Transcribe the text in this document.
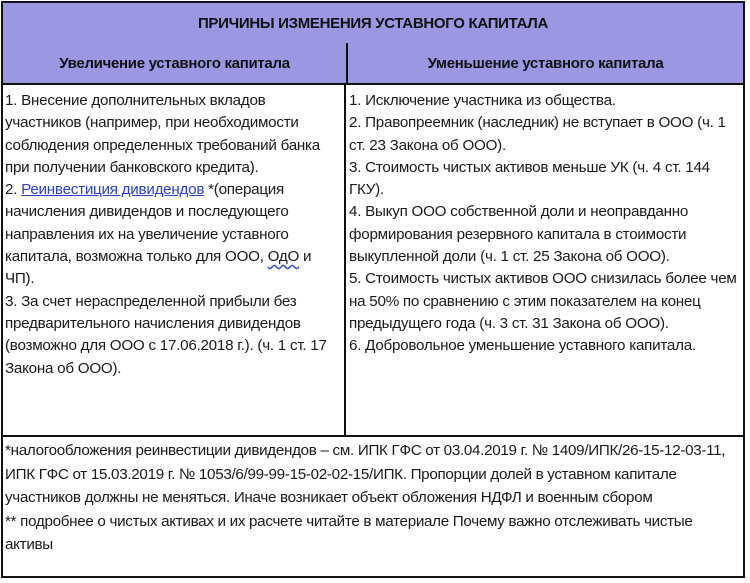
ПРИЧИНЫ ИЗМЕНЕНИЯ УСТАВНОГО КАПИТАЛА
Увеличение уставного капитала	Уменьшение уставного капитала
1. Внесение дополнительных вкладов участников (например, при необходимости соблюдения определенных требований банка при получении банковского кредита).
2. Реинвестиция дивидендов *(операция начисления дивидендов и последующего направления их на увеличение уставного капитала, возможна только для ООО, ОдО и ЧП).
3. За счет нераспределенной прибыли без предварительного начисления дивидендов (возможно для ООО с 17.06.2018 г.). (ч. 1 ст. 17 Закона об ООО).
1. Исключение участника из общества.
2. Правопреемник (наследник) не вступает в ООО (ч. 1 ст. 23 Закона об ООО).
3. Стоимость чистых активов меньше УК (ч. 4 ст. 144 ГКУ).
4. Выкуп ООО собственной доли и неоправданно формирования резервного капитала в стоимости выкупленной доли (ч. 1 ст. 25 Закона об ООО).
5. Стоимость чистых активов ООО снизилась более чем на 50% по сравнению с этим показателем на конец предыдущего года (ч. 3 ст. 31 Закона об ООО).
6. Добровольное уменьшение уставного капитала.
*налогообложения реинвестиции дивидендов – см. ИПК ГФС от 03.04.2019 г. № 1409/ИПК/26-15-12-03-11, ИПК ГФС от 15.03.2019 г. № 1053/6/99-99-15-02-02-15/ИПК. Пропорции долей в уставном капитале участников должны не меняться. Иначе возникает объект обложения НДФЛ и военным сбором
** подробнее о чистых активах и их расчете читайте в материале Почему важно отслеживать чистые активы
